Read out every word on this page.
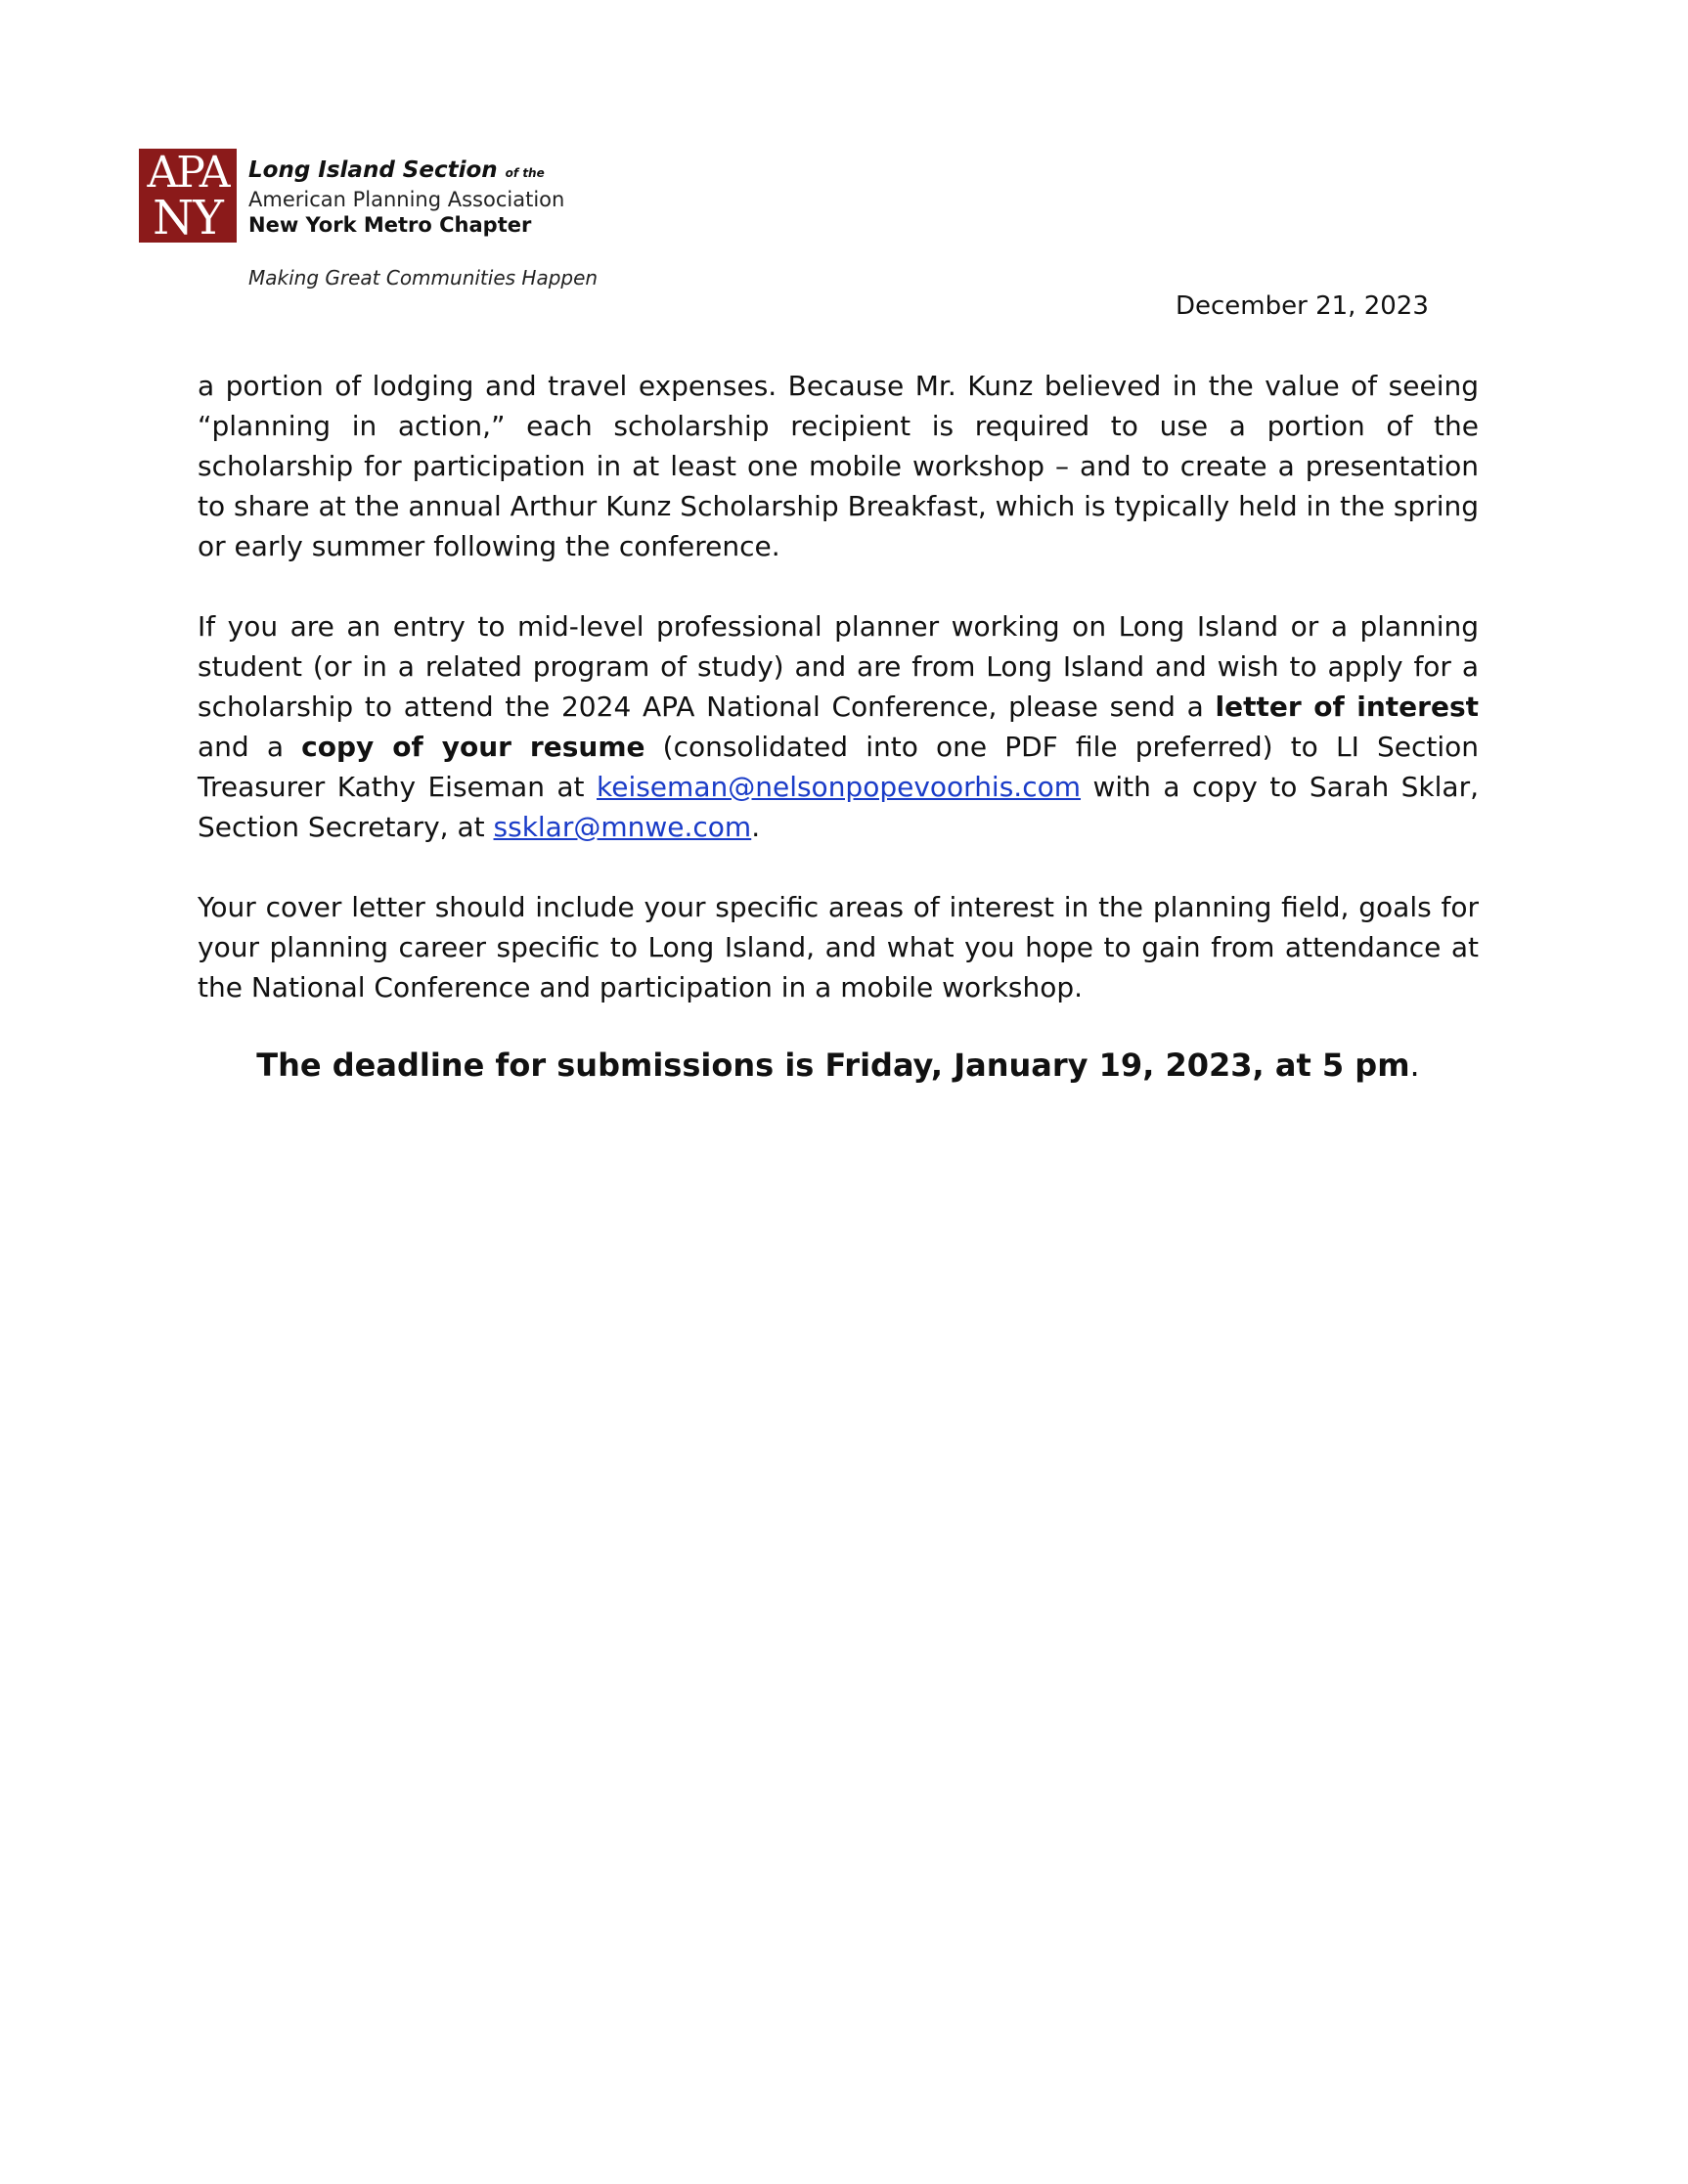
APA
NY
Long Island Section of the
American Planning Association
New York Metro Chapter
Making Great Communities Happen
December 21, 2023

a portion of lodging and travel expenses. Because Mr. Kunz believed in the value of seeing “planning in action,” each scholarship recipient is required to use a portion of the scholarship for participation in at least one mobile workshop – and to create a presentation to share at the annual Arthur Kunz Scholarship Breakfast, which is typically held in the spring or early summer following the conference.

If you are an entry to mid-level professional planner working on Long Island or a planning student (or in a related program of study) and are from Long Island and wish to apply for a scholarship to attend the 2024 APA National Conference, please send a letter of interest and a copy of your resume (consolidated into one PDF file preferred) to LI Section Treasurer Kathy Eiseman at keiseman@nelsonpopevoorhis.com with a copy to Sarah Sklar, Section Secretary, at ssklar@mnwe.com.

Your cover letter should include your specific areas of interest in the planning field, goals for your planning career specific to Long Island, and what you hope to gain from attendance at the National Conference and participation in a mobile workshop.

The deadline for submissions is Friday, January 19, 2023, at 5 pm.
